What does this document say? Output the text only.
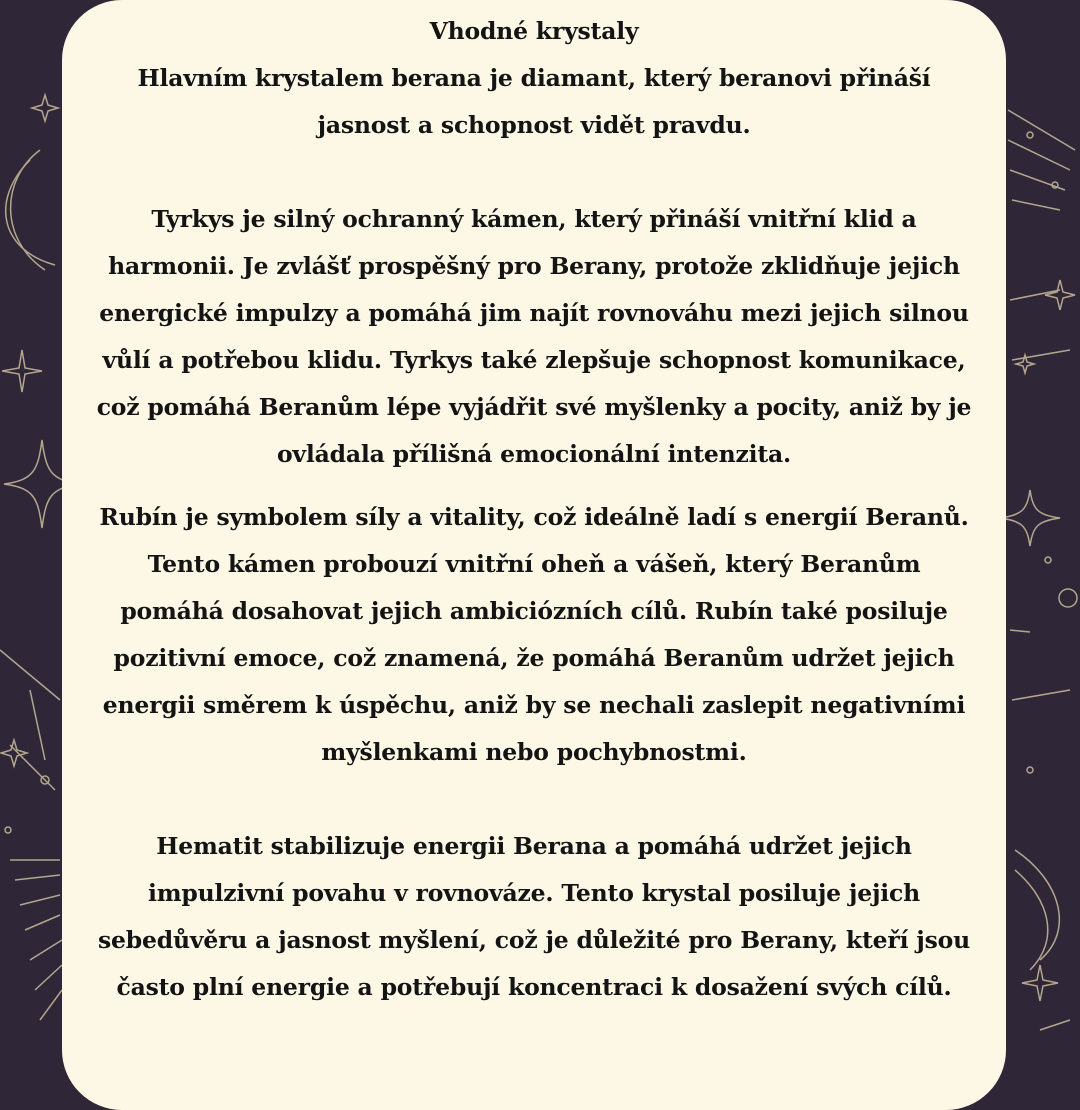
Vhodné krystaly

Hlavním krystalem berana je diamant, který beranovi přináší
jasnost a schopnost vidět pravdu.

Tyrkys je silný ochranný kámen, který přináší vnitřní klid a
harmonii. Je zvlášť prospěšný pro Berany, protože zklidňuje jejich
energické impulzy a pomáhá jim najít rovnováhu mezi jejich silnou
vůlí a potřebou klidu. Tyrkys také zlepšuje schopnost komunikace,
což pomáhá Beranům lépe vyjádřit své myšlenky a pocity, aniž by je
ovládala přílišná emocionální intenzita.

Rubín je symbolem síly a vitality, což ideálně ladí s energií Beranů.
Tento kámen probouzí vnitřní oheň a vášeň, který Beranům
pomáhá dosahovat jejich ambiciózních cílů. Rubín také posiluje
pozitivní emoce, což znamená, že pomáhá Beranům udržet jejich
energii směrem k úspěchu, aniž by se nechali zaslepit negativními
myšlenkami nebo pochybnostmi.

Hematit stabilizuje energii Berana a pomáhá udržet jejich
impulzivní povahu v rovnováze. Tento krystal posiluje jejich
sebedůvěru a jasnost myšlení, což je důležité pro Berany, kteří jsou
často plní energie a potřebují koncentraci k dosažení svých cílů.
